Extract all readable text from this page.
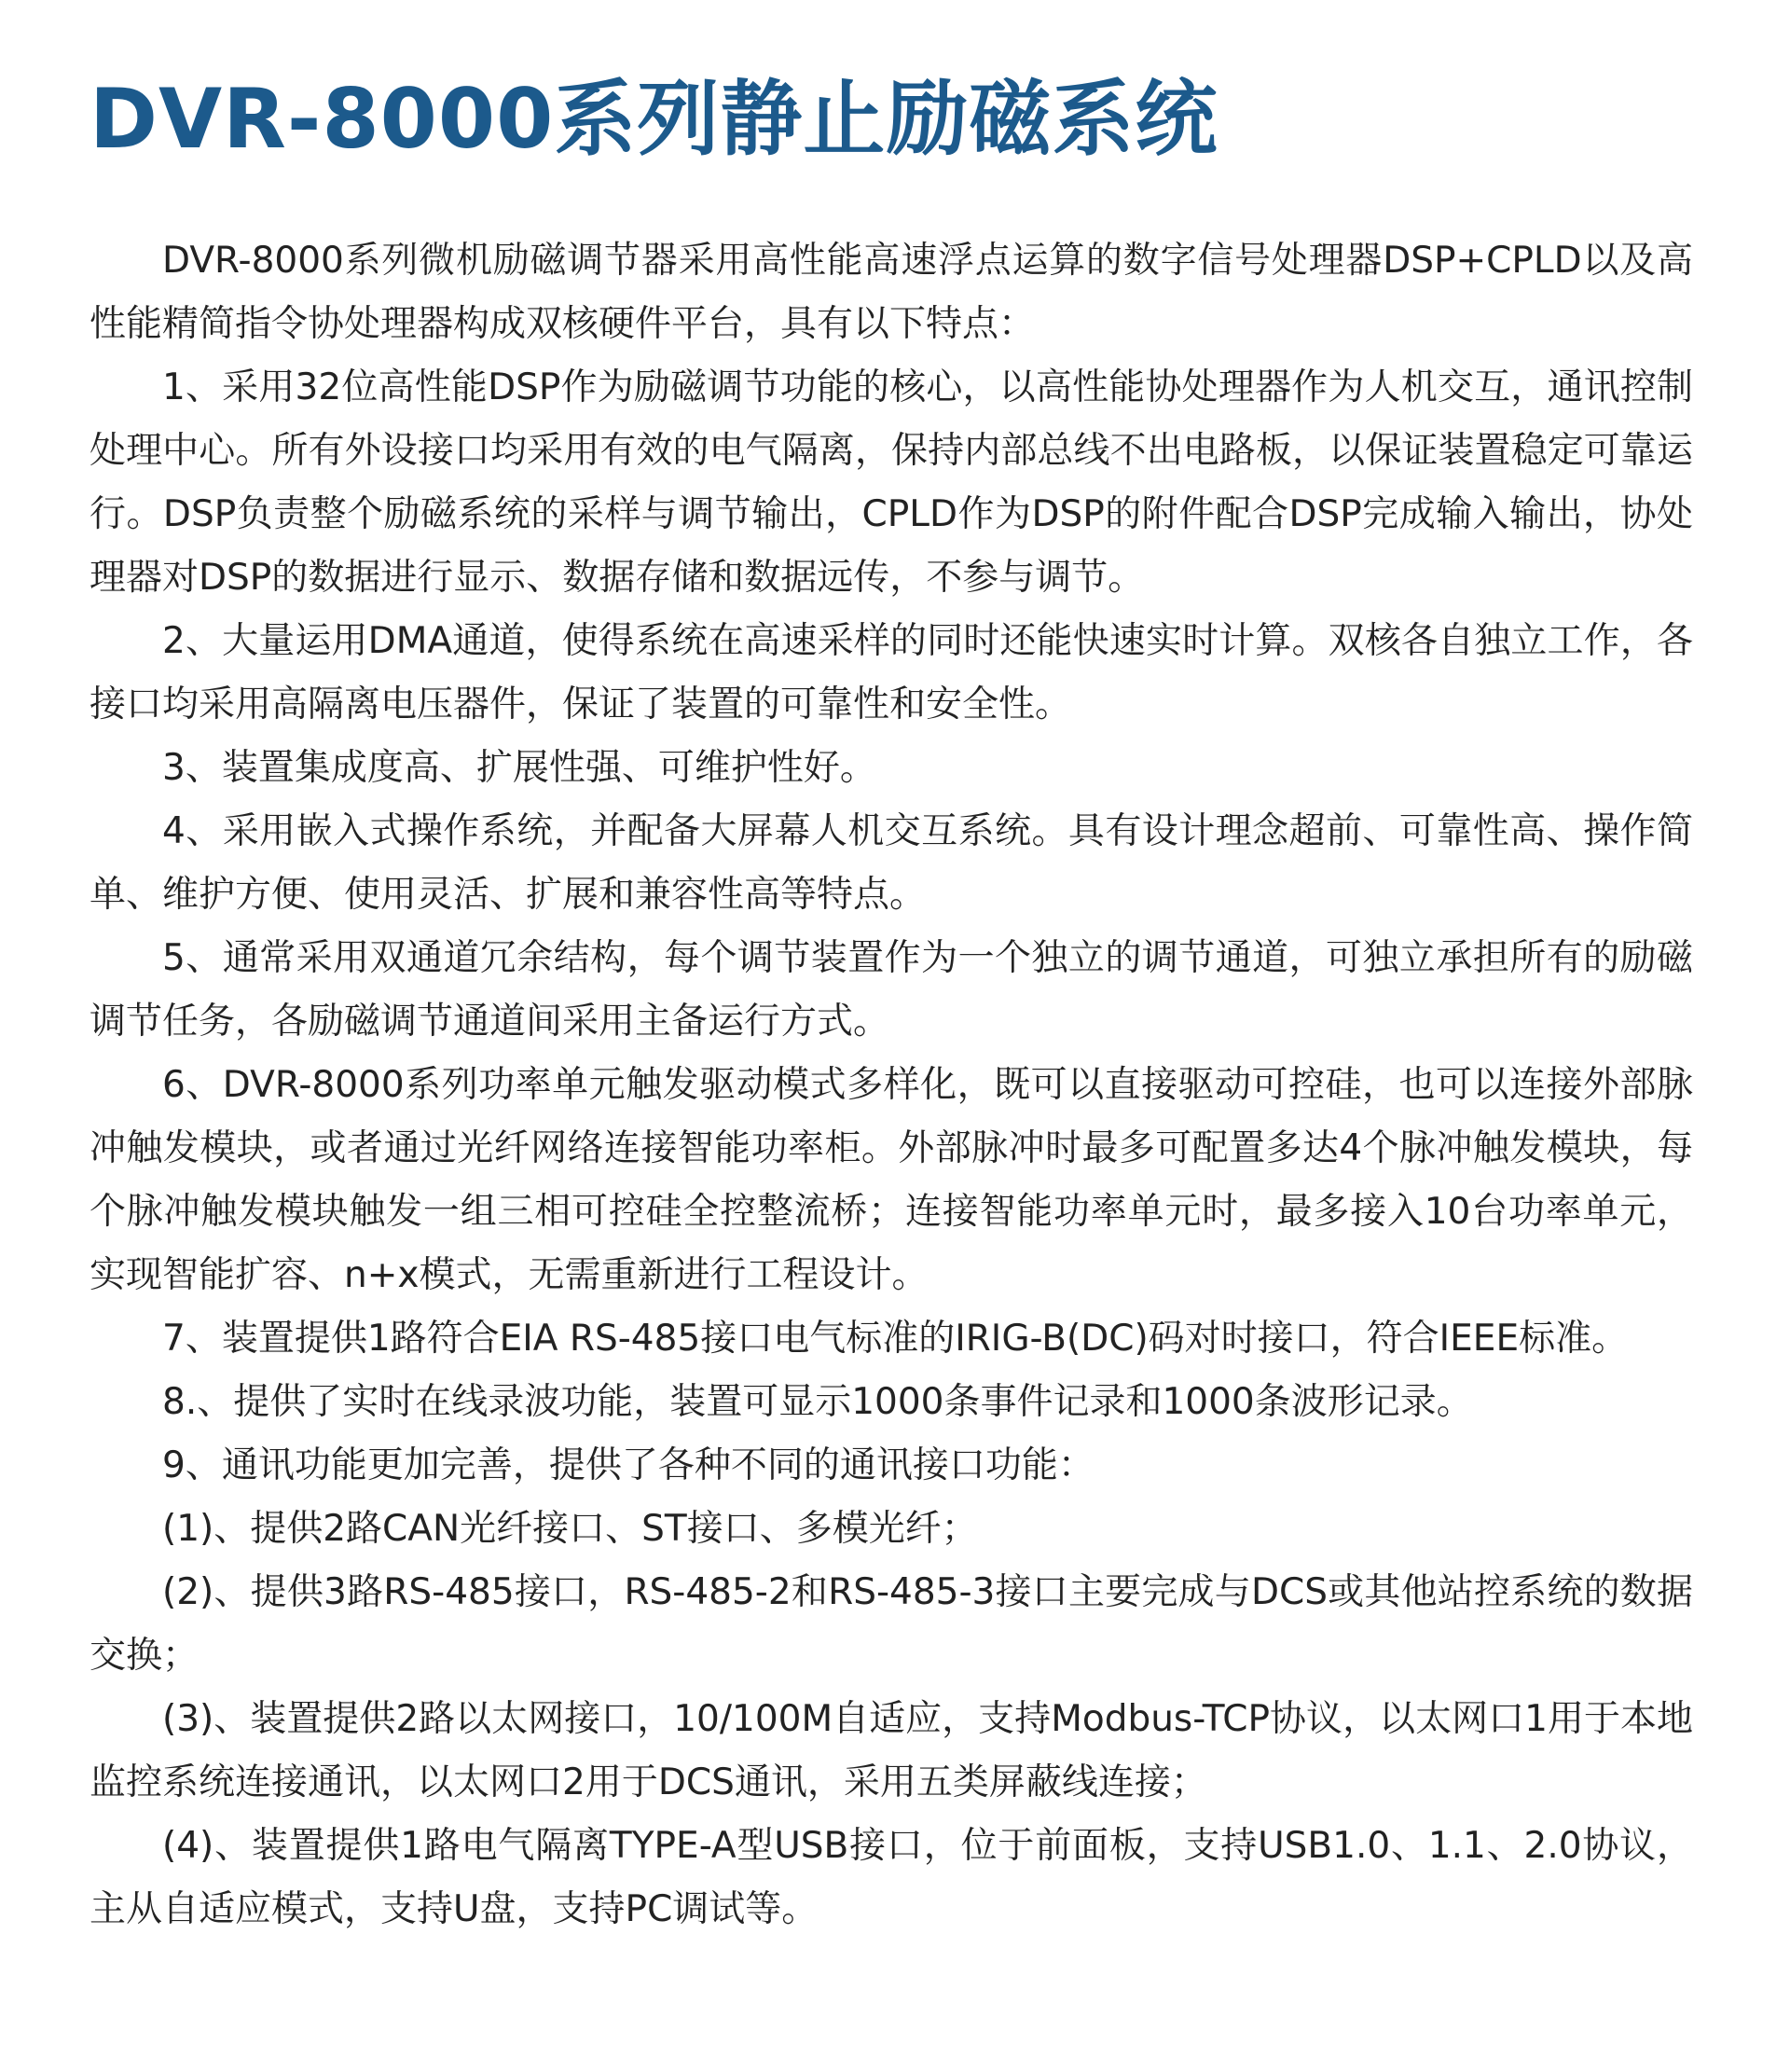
DVR-8000系列静止励磁系统

DVR-8000系列微机励磁调节器采用高性能高速浮点运算的数字信号处理器DSP+CPLD以及高性能精简指令协处理器构成双核硬件平台，具有以下特点：

1、采用32位高性能DSP作为励磁调节功能的核心，以高性能协处理器作为人机交互，通讯控制处理中心。所有外设接口均采用有效的电气隔离，保持内部总线不出电路板，以保证装置稳定可靠运行。DSP负责整个励磁系统的采样与调节输出，CPLD作为DSP的附件配合DSP完成输入输出，协处理器对DSP的数据进行显示、数据存储和数据远传，不参与调节。

2、大量运用DMA通道，使得系统在高速采样的同时还能快速实时计算。双核各自独立工作，各接口均采用高隔离电压器件，保证了装置的可靠性和安全性。

3、装置集成度高、扩展性强、可维护性好。

4、采用嵌入式操作系统，并配备大屏幕人机交互系统。具有设计理念超前、可靠性高、操作简单、维护方便、使用灵活、扩展和兼容性高等特点。

5、通常采用双通道冗余结构，每个调节装置作为一个独立的调节通道，可独立承担所有的励磁调节任务，各励磁调节通道间采用主备运行方式。

6、DVR-8000系列功率单元触发驱动模式多样化，既可以直接驱动可控硅，也可以连接外部脉冲触发模块，或者通过光纤网络连接智能功率柜。外部脉冲时最多可配置多达4个脉冲触发模块，每个脉冲触发模块触发一组三相可控硅全控整流桥；连接智能功率单元时，最多接入10台功率单元，实现智能扩容、n+x模式，无需重新进行工程设计。

7、装置提供1路符合EIA RS-485接口电气标准的IRIG-B(DC)码对时接口，符合IEEE标准。

8.、提供了实时在线录波功能，装置可显示1000条事件记录和1000条波形记录。

9、通讯功能更加完善，提供了各种不同的通讯接口功能：

(1)、提供2路CAN光纤接口、ST接口、多模光纤；

(2)、提供3路RS-485接口，RS-485-2和RS-485-3接口主要完成与DCS或其他站控系统的数据交换；

(3)、装置提供2路以太网接口，10/100M自适应，支持Modbus-TCP协议，以太网口1用于本地监控系统连接通讯，以太网口2用于DCS通讯，采用五类屏蔽线连接；

(4)、装置提供1路电气隔离TYPE-A型USB接口，位于前面板，支持USB1.0、1.1、2.0协议，主从自适应模式，支持U盘，支持PC调试等。
